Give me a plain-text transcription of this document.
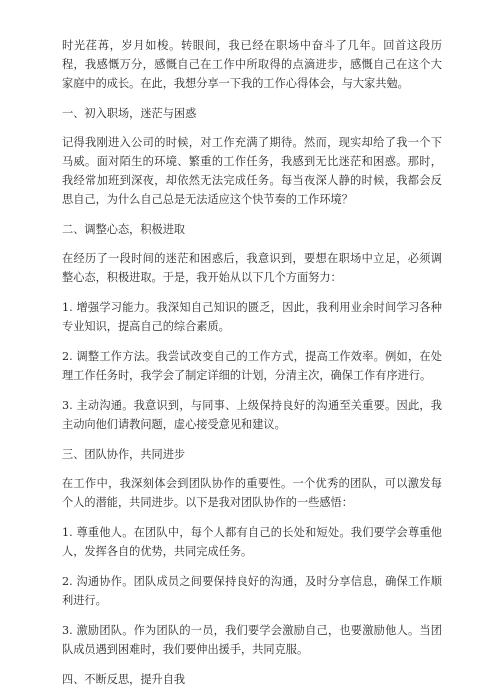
时光荏苒，岁月如梭。转眼间，我已经在职场中奋斗了几年。回首这段历程，我感慨万分，感慨自己在工作中所取得的点滴进步，感慨自己在这个大家庭中的成长。在此，我想分享一下我的工作心得体会，与大家共勉。

一、初入职场，迷茫与困惑

记得我刚进入公司的时候，对工作充满了期待。然而，现实却给了我一个下马威。面对陌生的环境、繁重的工作任务，我感到无比迷茫和困惑。那时，我经常加班到深夜，却依然无法完成任务。每当夜深人静的时候，我都会反思自己，为什么自己总是无法适应这个快节奏的工作环境？

二、调整心态，积极进取

在经历了一段时间的迷茫和困惑后，我意识到，要想在职场中立足，必须调整心态，积极进取。于是，我开始从以下几个方面努力：

1. 增强学习能力。我深知自己知识的匮乏，因此，我利用业余时间学习各种专业知识，提高自己的综合素质。

2. 调整工作方法。我尝试改变自己的工作方式，提高工作效率。例如，在处理工作任务时，我学会了制定详细的计划，分清主次，确保工作有序进行。

3. 主动沟通。我意识到，与同事、上级保持良好的沟通至关重要。因此，我主动向他们请教问题，虚心接受意见和建议。

三、团队协作，共同进步

在工作中，我深刻体会到团队协作的重要性。一个优秀的团队，可以激发每个人的潜能，共同进步。以下是我对团队协作的一些感悟：

1. 尊重他人。在团队中，每个人都有自己的长处和短处。我们要学会尊重他人，发挥各自的优势，共同完成任务。

2. 沟通协作。团队成员之间要保持良好的沟通，及时分享信息，确保工作顺利进行。

3. 激励团队。作为团队的一员，我们要学会激励自己，也要激励他人。当团队成员遇到困难时，我们要伸出援手，共同克服。

四、不断反思，提升自我
